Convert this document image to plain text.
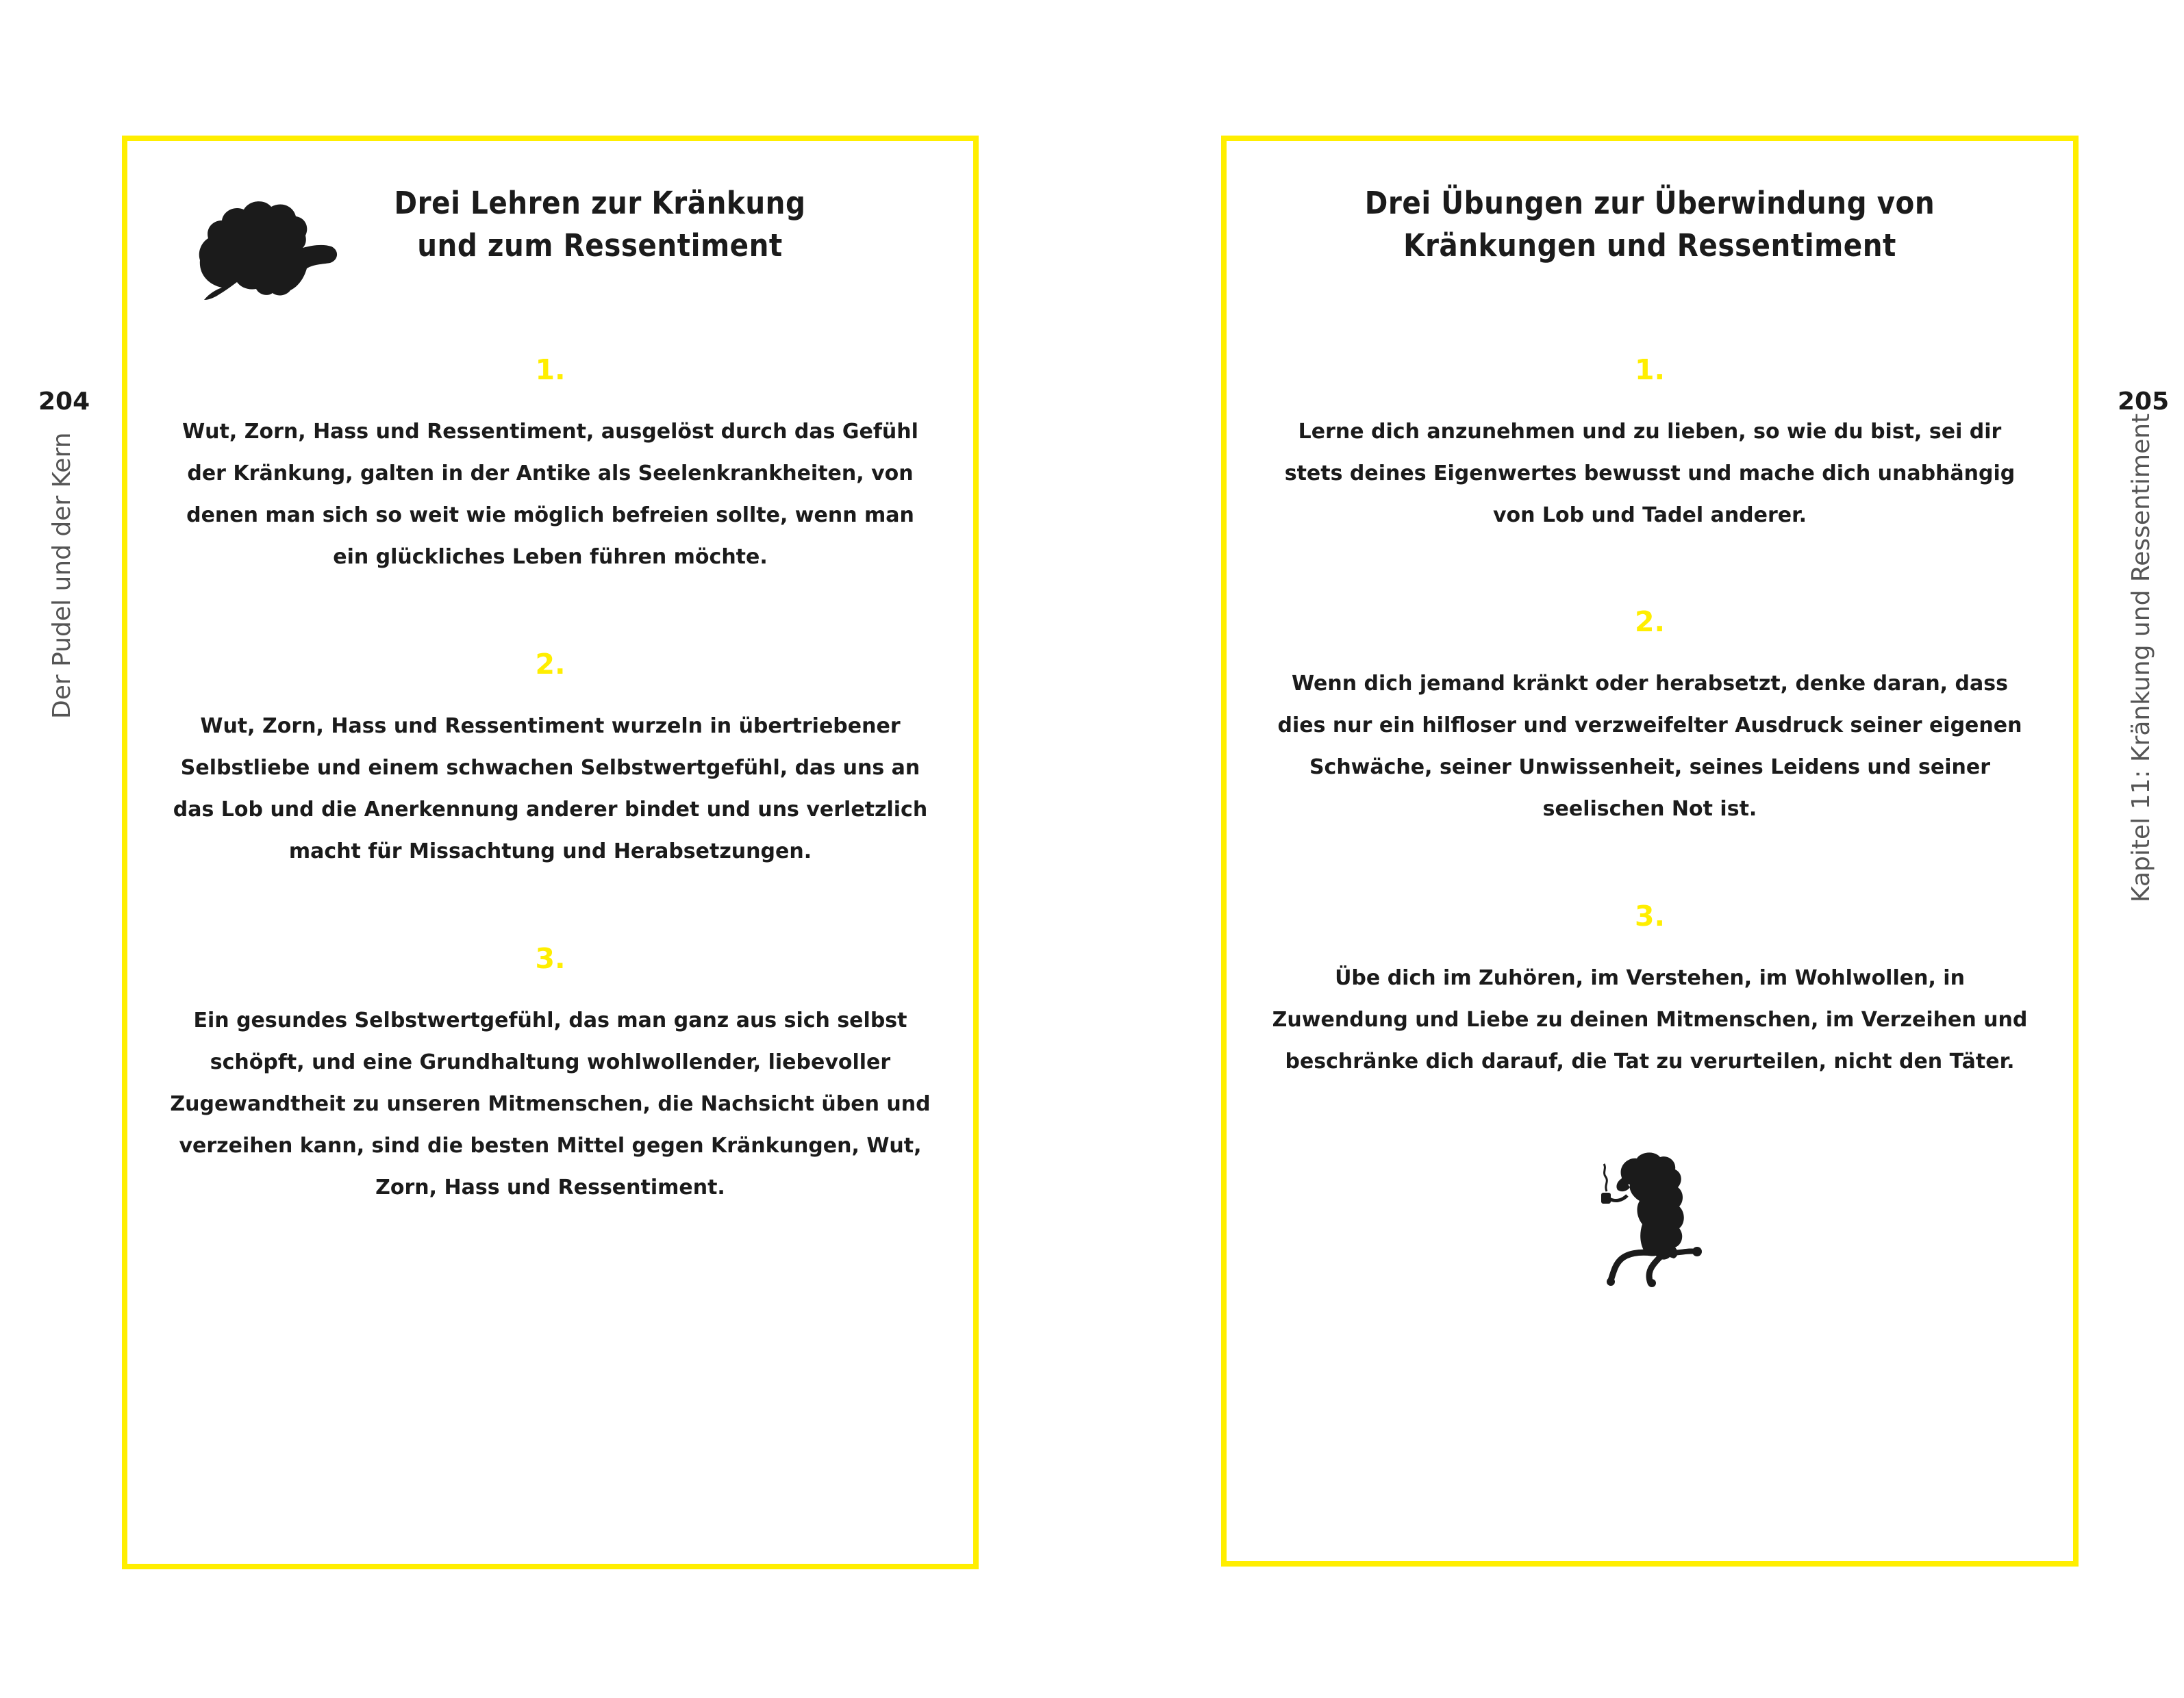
204
Der Pudel und der Kern
Drei Lehren zur Kränkung
und zum Ressentiment
1.
Wut, Zorn, Hass und Ressentiment, ausgelöst durch das Gefühl
der Kränkung, galten in der Antike als Seelenkrankheiten, von
denen man sich so weit wie möglich befreien sollte, wenn man
ein glückliches Leben führen möchte.
2.
Wut, Zorn, Hass und Ressentiment wurzeln in übertriebener
Selbstliebe und einem schwachen Selbstwertgefühl, das uns an
das Lob und die Anerkennung anderer bindet und uns verletzlich
macht für Missachtung und Herabsetzungen.
3.
Ein gesundes Selbstwertgefühl, das man ganz aus sich selbst
schöpft, und eine Grundhaltung wohlwollender, liebevoller
Zugewandtheit zu unseren Mitmenschen, die Nachsicht üben und
verzeihen kann, sind die besten Mittel gegen Kränkungen, Wut,
Zorn, Hass und Ressentiment.
205
Kapitel 11: Kränkung und Ressentiment
Drei Übungen zur Überwindung von
Kränkungen und Ressentiment
1.
Lerne dich anzunehmen und zu lieben, so wie du bist, sei dir
stets deines Eigenwertes bewusst und mache dich unabhängig
von Lob und Tadel anderer.
2.
Wenn dich jemand kränkt oder herabsetzt, denke daran, dass
dies nur ein hilfloser und verzweifelter Ausdruck seiner eigenen
Schwäche, seiner Unwissenheit, seines Leidens und seiner
seelischen Not ist.
3.
Übe dich im Zuhören, im Verstehen, im Wohlwollen, in
Zuwendung und Liebe zu deinen Mitmenschen, im Verzeihen und
beschränke dich darauf, die Tat zu verurteilen, nicht den Täter.
